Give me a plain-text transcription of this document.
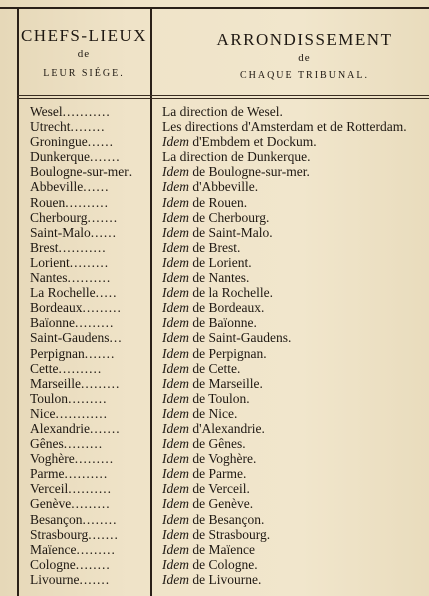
CHEFS-LIEUX
de
LEUR SIÉGE.
ARRONDISSEMENT
de
CHAQUE TRIBUNAL.
Wesel...........	La direction de Wesel.
Utrecht........	Les directions d'Amsterdam et de Rotterdam.
Groningue......	Idem d'Embdem et Dockum.
Dunkerque.......	La direction de Dunkerque.
Boulogne-sur-mer.	Idem de Boulogne-sur-mer.
Abbeville......	Idem d'Abbeville.
Rouen..........	Idem de Rouen.
Cherbourg.......	Idem de Cherbourg.
Saint-Malo......	Idem de Saint-Malo.
Brest...........	Idem de Brest.
Lorient.........	Idem de Lorient.
Nantes..........	Idem de Nantes.
La Rochelle.....	Idem de la Rochelle.
Bordeaux.........	Idem de Bordeaux.
Baïonne.........	Idem de Baïonne.
Saint-Gaudens...	Idem de Saint-Gaudens.
Perpignan.......	Idem de Perpignan.
Cette..........	Idem de Cette.
Marseille.........	Idem de Marseille.
Toulon.........	Idem de Toulon.
Nice............	Idem de Nice.
Alexandrie.......	Idem d'Alexandrie.
Gênes.........	Idem de Gênes.
Voghère.........	Idem de Voghère.
Parme..........	Idem de Parme.
Verceil..........	Idem de Verceil.
Genève.........	Idem de Genève.
Besançon........	Idem de Besançon.
Strasbourg.......	Idem de Strasbourg.
Maïence.........	Idem de Maïence
Cologne........	Idem de Cologne.
Livourne.......	Idem de Livourne.
